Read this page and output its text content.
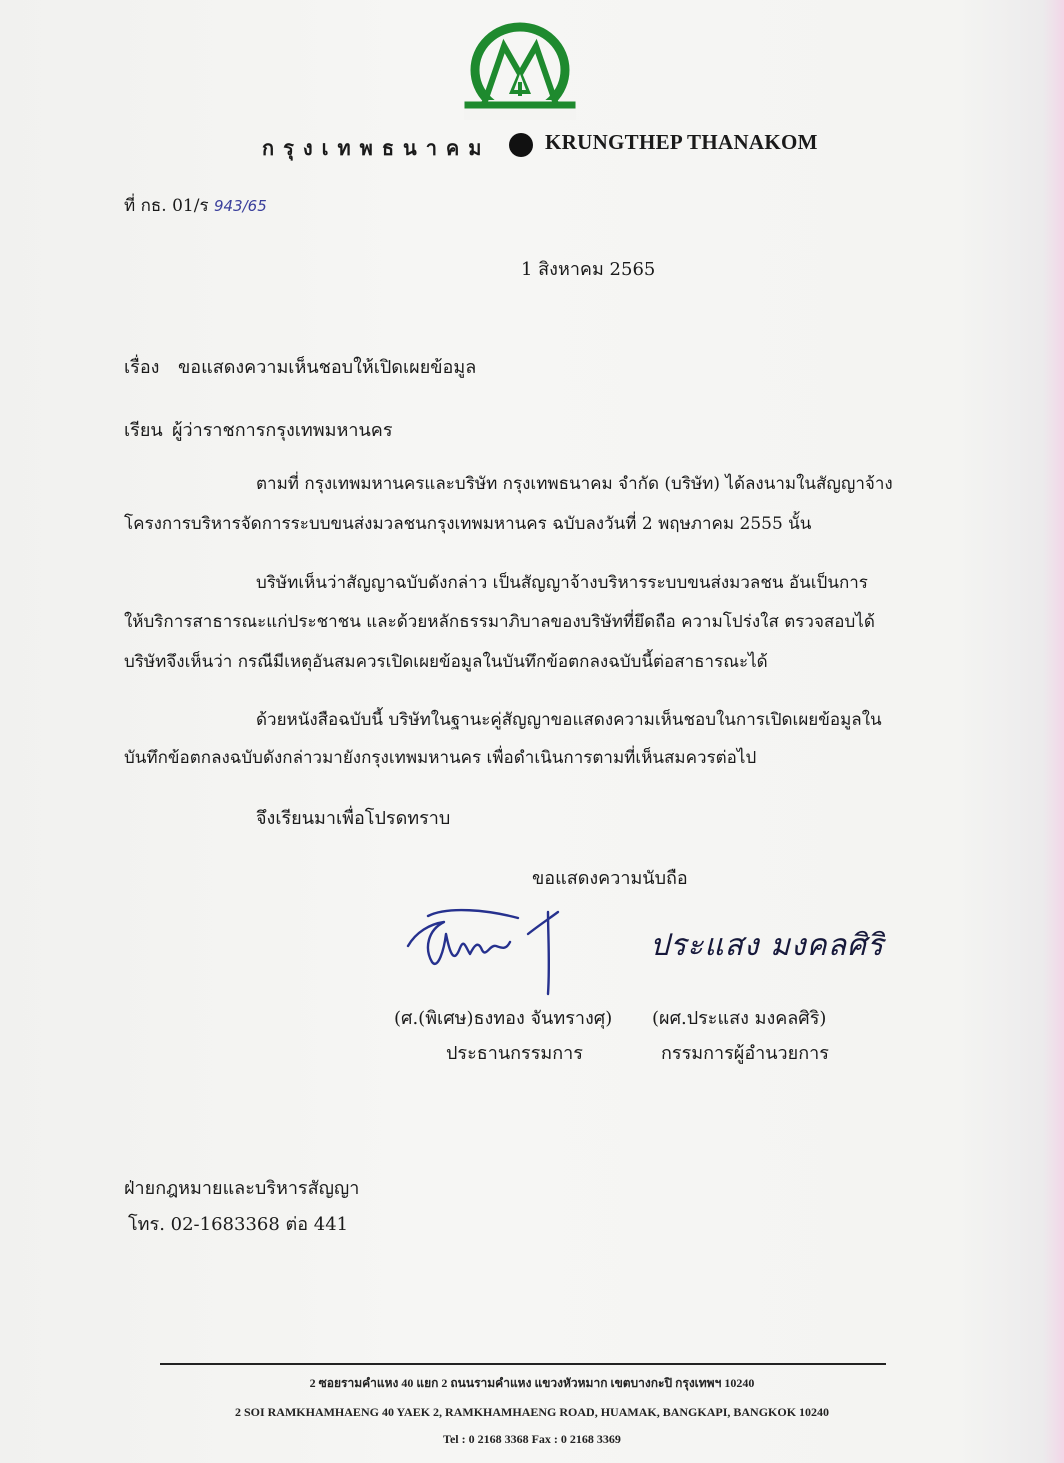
กรุงเทพธนาคม	KRUNGTHEP THANAKOM
ที่ กธ. 01/ร 943/65
1 สิงหาคม 2565
เรื่อง ขอแสดงความเห็นชอบให้เปิดเผยข้อมูล
เรียน ผู้ว่าราชการกรุงเทพมหานคร
ตามที่ กรุงเทพมหานครและบริษัท กรุงเทพธนาคม จำกัด (บริษัท) ได้ลงนามในสัญญาจ้าง
โครงการบริหารจัดการระบบขนส่งมวลชนกรุงเทพมหานคร ฉบับลงวันที่ 2 พฤษภาคม 2555 นั้น
บริษัทเห็นว่าสัญญาฉบับดังกล่าว เป็นสัญญาจ้างบริหารระบบขนส่งมวลชน อันเป็นการ
ให้บริการสาธารณะแก่ประชาชน และด้วยหลักธรรมาภิบาลของบริษัทที่ยึดถือ ความโปร่งใส ตรวจสอบได้
บริษัทจึงเห็นว่า กรณีมีเหตุอันสมควรเปิดเผยข้อมูลในบันทึกข้อตกลงฉบับนี้ต่อสาธารณะได้
ด้วยหนังสือฉบับนี้ บริษัทในฐานะคู่สัญญาขอแสดงความเห็นชอบในการเปิดเผยข้อมูลใน
บันทึกข้อตกลงฉบับดังกล่าวมายังกรุงเทพมหานคร เพื่อดำเนินการตามที่เห็นสมควรต่อไป
จึงเรียนมาเพื่อโปรดทราบ
ขอแสดงความนับถือ
ประแสง มงคลศิริ
(ศ.(พิเศษ)ธงทอง จันทรางศุ)
ประธานกรรมการ
(ผศ.ประแสง มงคลศิริ)
กรรมการผู้อำนวยการ
ฝ่ายกฎหมายและบริหารสัญญา
โทร. 02-1683368 ต่อ 441
2 ซอยรามคำแหง 40 แยก 2 ถนนรามคำแหง แขวงหัวหมาก เขตบางกะปิ กรุงเทพฯ 10240
2 SOI RAMKHAMHAENG 40 YAEK 2, RAMKHAMHAENG ROAD, HUAMAK, BANGKAPI, BANGKOK 10240
Tel : 0 2168 3368 Fax : 0 2168 3369
